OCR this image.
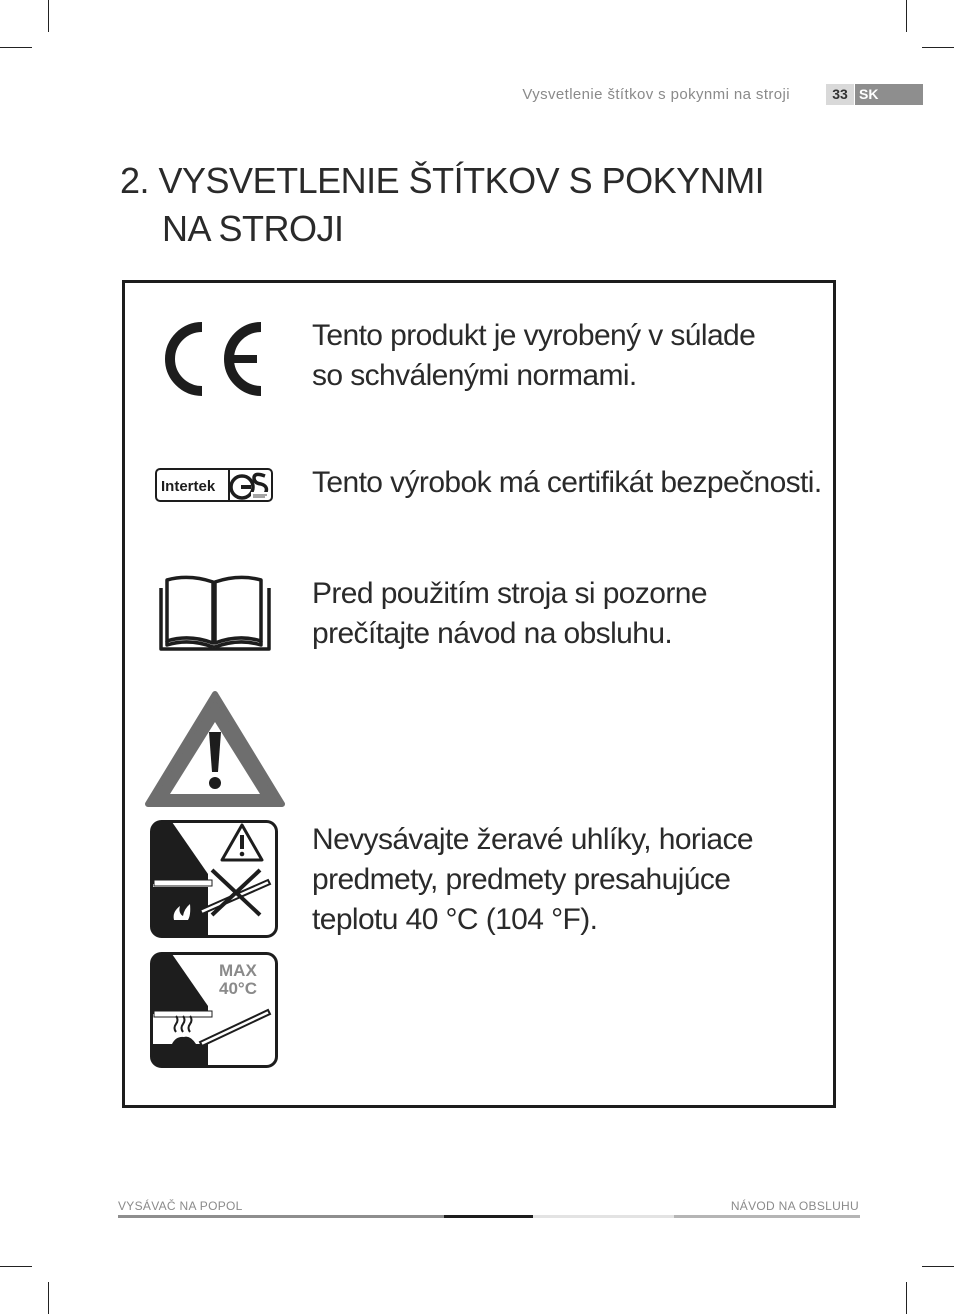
Vysvetlenie štítkov s pokynmi na stroji	33 SK
2. VYSVETLENIE ŠTÍTKOV S POKYNMI
NA STROJI
Tento produkt je vyrobený v súlade
so schválenými normami.
Intertek	Tento výrobok má certifikát bezpečnosti.
Pred použitím stroja si pozorne
prečítajte návod na obsluhu.
MAX
40°C
Nevysávajte žeravé uhlíky, horiace
predmety, predmety presahujúce
teplotu 40 °C (104 °F).
VYSÁVAČ NA POPOL	NÁVOD NA OBSLUHU
